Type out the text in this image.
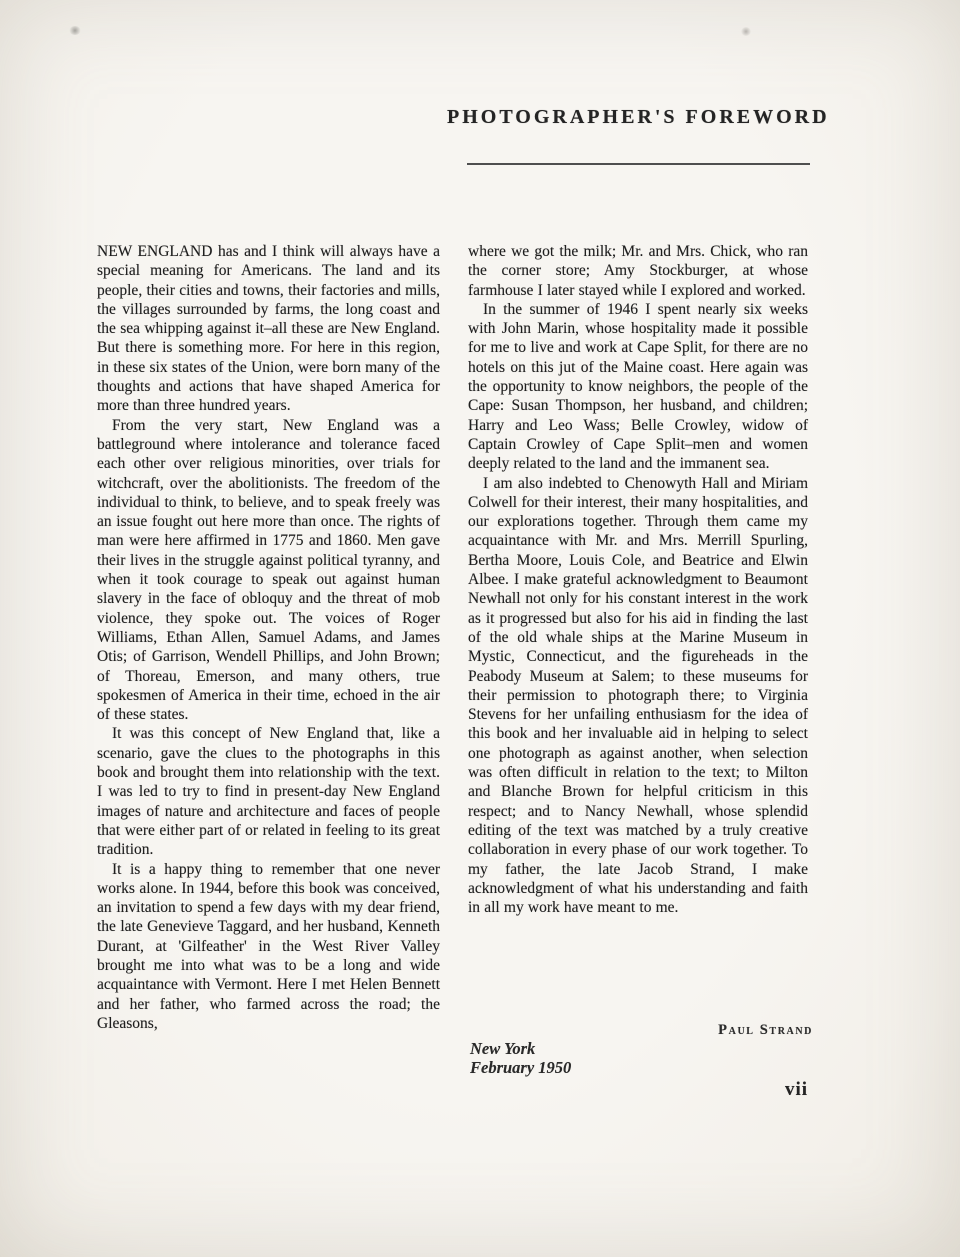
PHOTOGRAPHER'S FOREWORD

NEW ENGLAND has and I think will always have a special meaning for Americans. The land and its people, their cities and towns, their factories and mills, the villages surrounded by farms, the long coast and the sea whipping against it–all these are New England. But there is something more. For here in this region, in these six states of the Union, were born many of the thoughts and actions that have shaped America for more than three hundred years.

From the very start, New England was a battleground where intolerance and tolerance faced each other over religious minorities, over trials for witchcraft, over the abolitionists. The freedom of the individual to think, to believe, and to speak freely was an issue fought out here more than once. The rights of man were here affirmed in 1775 and 1860. Men gave their lives in the struggle against political tyranny, and when it took courage to speak out against human slavery in the face of obloquy and the threat of mob violence, they spoke out. The voices of Roger Williams, Ethan Allen, Samuel Adams, and James Otis; of Garrison, Wendell Phillips, and John Brown; of Thoreau, Emerson, and many others, true spokesmen of America in their time, echoed in the air of these states.

It was this concept of New England that, like a scenario, gave the clues to the photographs in this book and brought them into relationship with the text. I was led to try to find in present-day New England images of nature and architecture and faces of people that were either part of or related in feeling to its great tradition.

It is a happy thing to remember that one never works alone. In 1944, before this book was conceived, an invitation to spend a few days with my dear friend, the late Genevieve Taggard, and her husband, Kenneth Durant, at 'Gilfeather' in the West River Valley brought me into what was to be a long and wide acquaintance with Vermont. Here I met Helen Bennett and her father, who farmed across the road; the Gleasons,

where we got the milk; Mr. and Mrs. Chick, who ran the corner store; Amy Stockburger, at whose farmhouse I later stayed while I explored and worked.

In the summer of 1946 I spent nearly six weeks with John Marin, whose hospitality made it possible for me to live and work at Cape Split, for there are no hotels on this jut of the Maine coast. Here again was the opportunity to know neighbors, the people of the Cape: Susan Thompson, her husband, and children; Harry and Leo Wass; Belle Crowley, widow of Captain Crowley of Cape Split–men and women deeply related to the land and the immanent sea.

I am also indebted to Chenowyth Hall and Miriam Colwell for their interest, their many hospitalities, and our explorations together. Through them came my acquaintance with Mr. and Mrs. Merrill Spurling, Bertha Moore, Louis Cole, and Beatrice and Elwin Albee. I make grateful acknowledgment to Beaumont Newhall not only for his constant interest in the work as it progressed but also for his aid in finding the last of the old whale ships at the Marine Museum in Mystic, Connecticut, and the figureheads in the Peabody Museum at Salem; to these museums for their permission to photograph there; to Virginia Stevens for her unfailing enthusiasm for the idea of this book and her invaluable aid in helping to select one photograph as against another, when selection was often difficult in relation to the text; to Milton and Blanche Brown for helpful criticism in this respect; and to Nancy Newhall, whose splendid editing of the text was matched by a truly creative collaboration in every phase of our work together. To my father, the late Jacob Strand, I make acknowledgment of what his understanding and faith in all my work have meant to me.

Paul Strand
New York
February 1950
vii
